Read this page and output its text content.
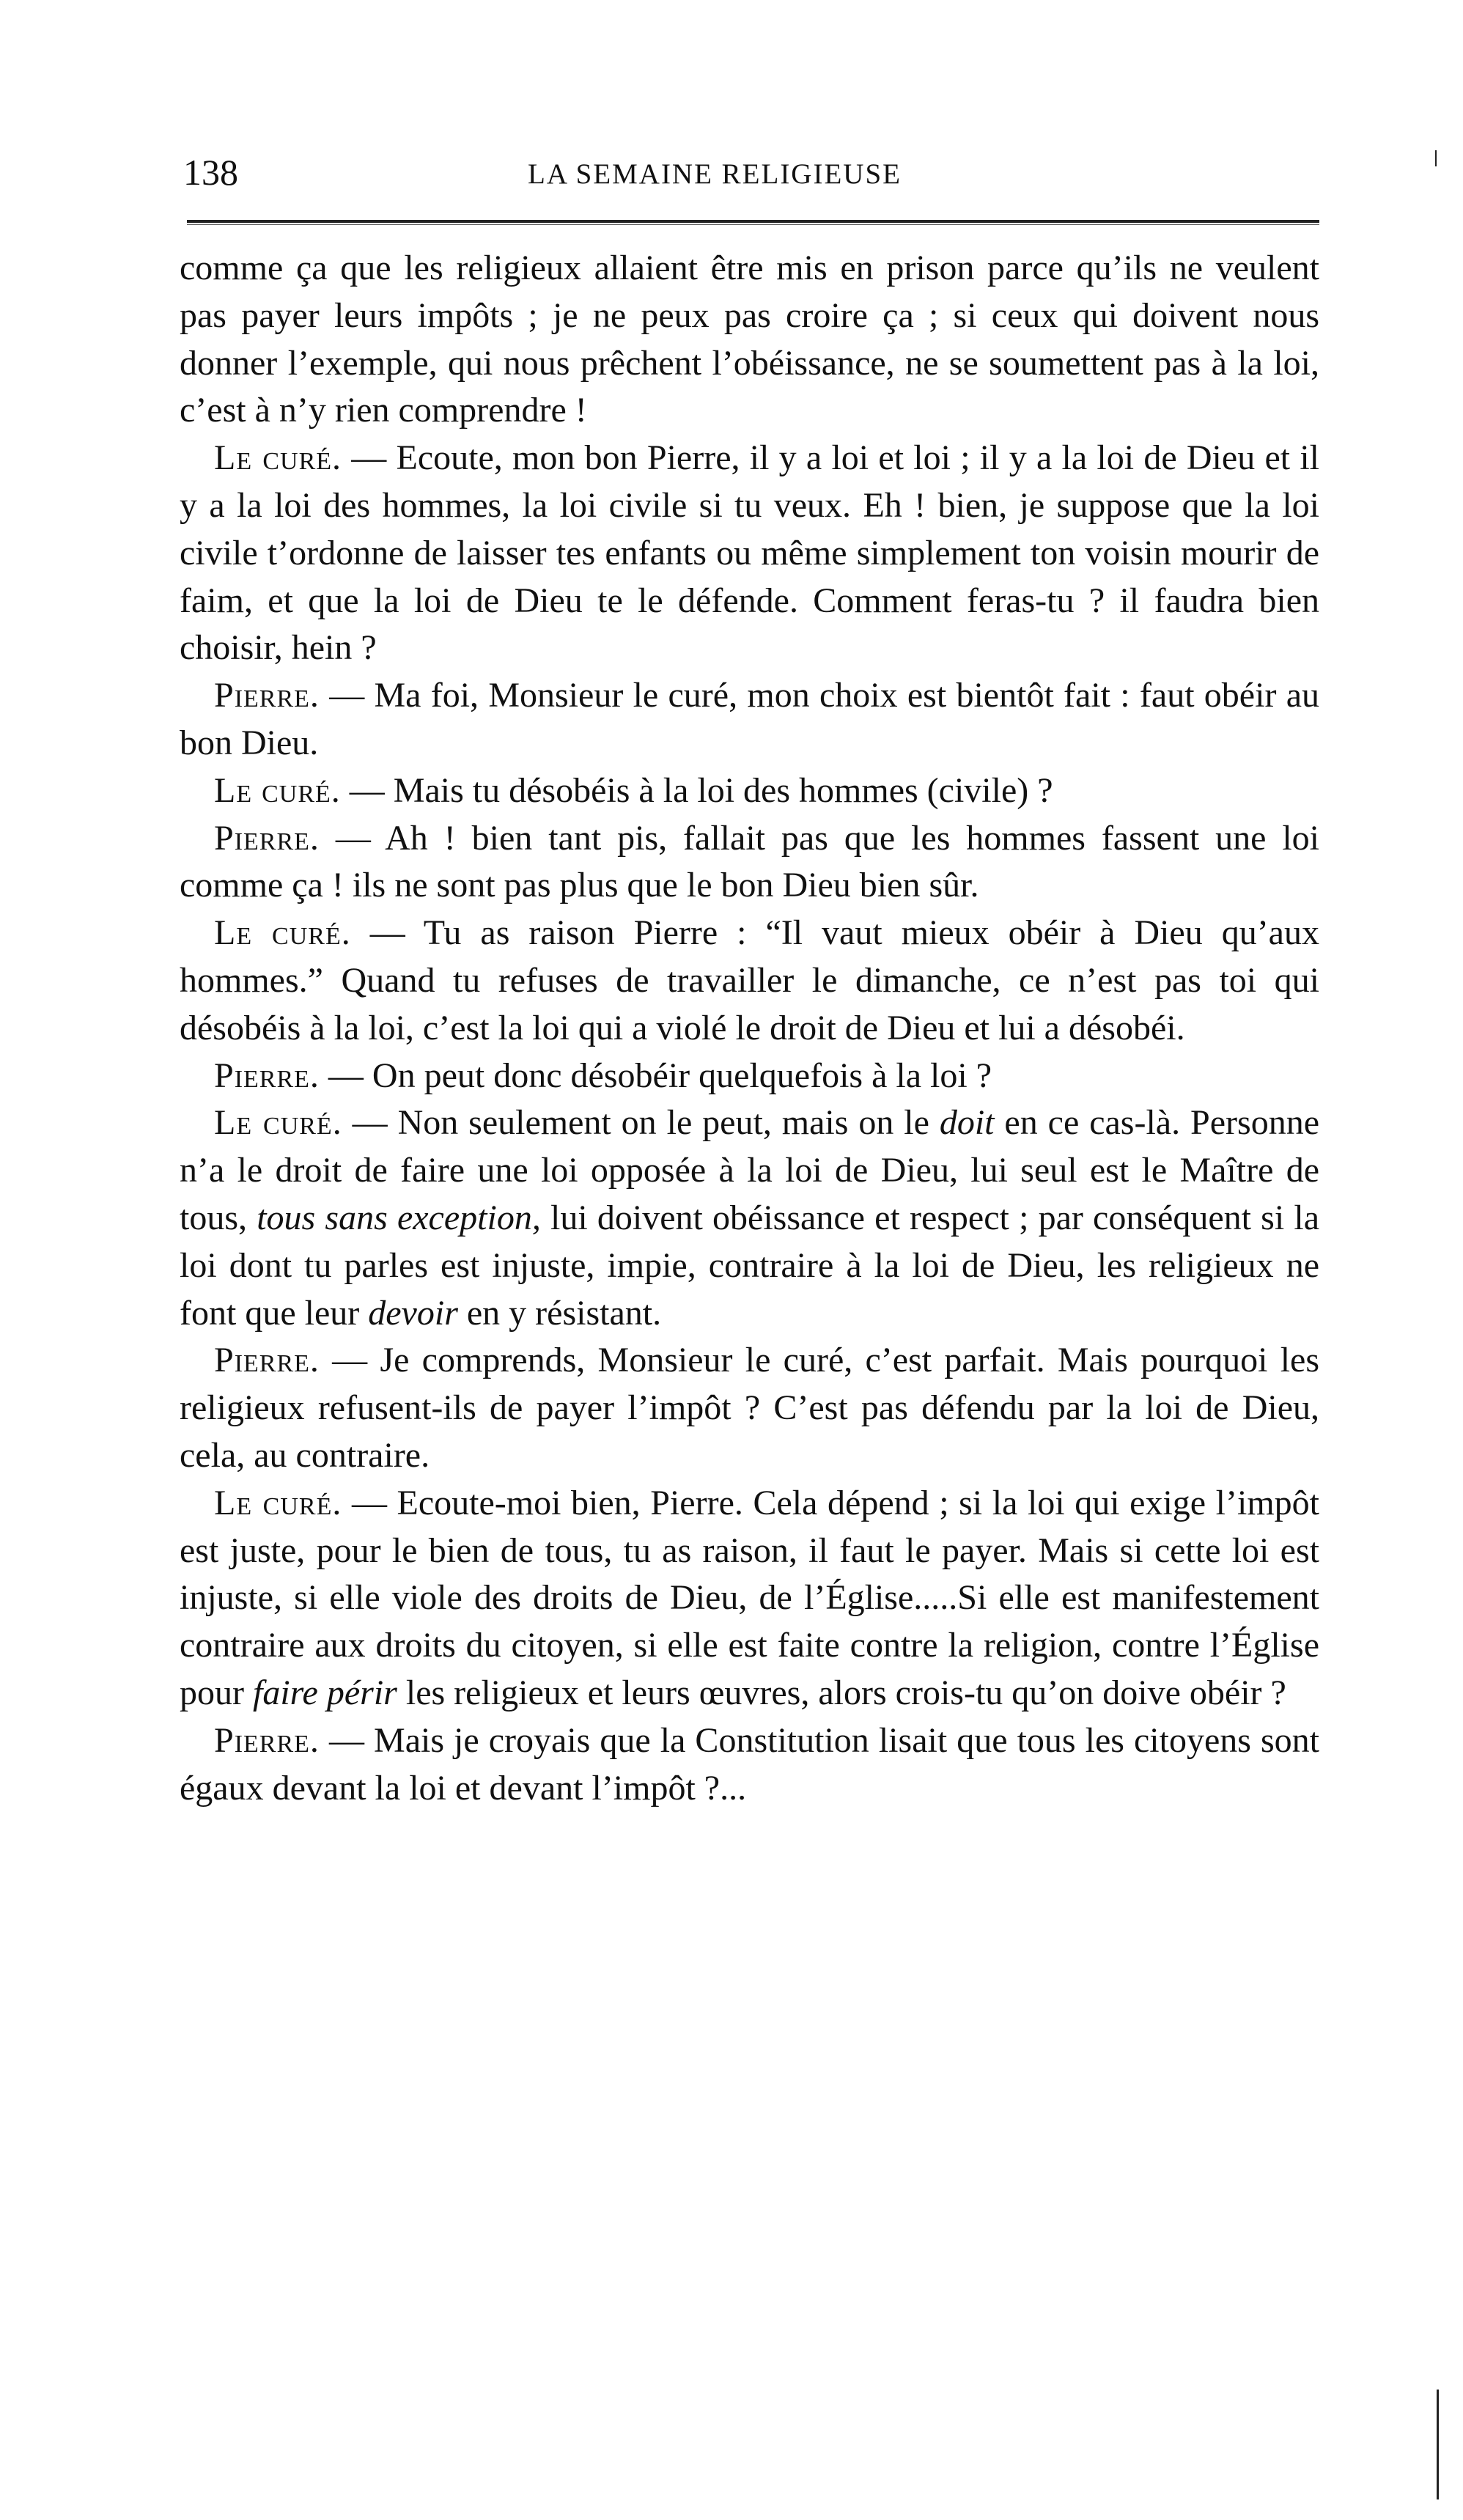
138	LA SEMAINE RELIGIEUSE

comme ça que les religieux allaient être mis en prison parce qu’ils ne veulent pas payer leurs impôts ; je ne peux pas croire ça ; si ceux qui doivent nous donner l’exemple, qui nous prêchent l’obéissance, ne se soumettent pas à la loi, c’est à n’y rien comprendre !

Le curé. — Ecoute, mon bon Pierre, il y a loi et loi ; il y a la loi de Dieu et il y a la loi des hommes, la loi civile si tu veux. Eh ! bien, je suppose que la loi civile t’ordonne de laisser tes enfants ou même simplement ton voisin mourir de faim, et que la loi de Dieu te le défende. Comment feras-tu ? il faudra bien choisir, hein ?

Pierre. — Ma foi, Monsieur le curé, mon choix est bientôt fait : faut obéir au bon Dieu.

Le curé. — Mais tu désobéis à la loi des hommes (civile) ?

Pierre. — Ah ! bien tant pis, fallait pas que les hommes fassent une loi comme ça ! ils ne sont pas plus que le bon Dieu bien sûr.

Le curé. — Tu as raison Pierre : “Il vaut mieux obéir à Dieu qu’aux hommes.” Quand tu refuses de travailler le dimanche, ce n’est pas toi qui désobéis à la loi, c’est la loi qui a violé le droit de Dieu et lui a désobéi.

Pierre. — On peut donc désobéir quelquefois à la loi ?

Le curé. — Non seulement on le peut, mais on le doit en ce cas-là. Personne n’a le droit de faire une loi opposée à la loi de Dieu, lui seul est le Maître de tous, tous sans exception, lui doivent obéissance et respect ; par conséquent si la loi dont tu parles est injuste, impie, contraire à la loi de Dieu, les religieux ne font que leur devoir en y résistant.

Pierre. — Je comprends, Monsieur le curé, c’est parfait. Mais pourquoi les religieux refusent-ils de payer l’impôt ? C’est pas défendu par la loi de Dieu, cela, au contraire.

Le curé. — Ecoute-moi bien, Pierre. Cela dépend ; si la loi qui exige l’impôt est juste, pour le bien de tous, tu as raison, il faut le payer. Mais si cette loi est injuste, si elle viole des droits de Dieu, de l’Église.....Si elle est manifestement contraire aux droits du citoyen, si elle est faite contre la religion, contre l’Église pour faire périr les religieux et leurs œuvres, alors crois-tu qu’on doive obéir ?

Pierre. — Mais je croyais que la Constitution lisait que tous les citoyens sont égaux devant la loi et devant l’impôt ?...
